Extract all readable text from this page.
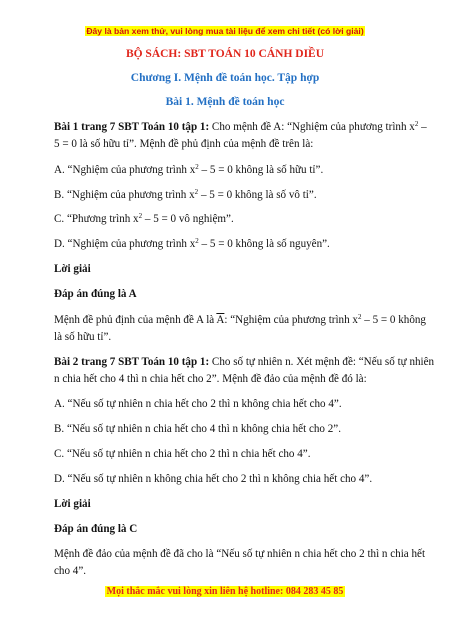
Đây là bản xem thử, vui lòng mua tài liệu để xem chi tiết (có lời giải)
BỘ SÁCH: SBT TOÁN 10 CÁNH DIỀU
Chương I. Mệnh đề toán học. Tập hợp
Bài 1. Mệnh đề toán học
Bài 1 trang 7 SBT Toán 10 tập 1: Cho mệnh đề A: “Nghiệm của phương trình $x^2$ –
5 = 0 là số hữu tỉ”. Mệnh đề phủ định của mệnh đề trên là:
A. “Nghiệm của phương trình $x^2 - 5 = 0$ không là số hữu tỉ”.
B. “Nghiệm của phương trình $x^2 - 5 = 0$ không là số vô tỉ”.
C. “Phương trình $x^2 - 5 = 0$ vô nghiệm”.
D. “Nghiệm của phương trình $x^2 - 5 = 0$ không là số nguyên”.
Lời giải
Đáp án đúng là A
Mệnh đề phủ định của mệnh đề A là $\overline{A}$: “Nghiệm của phương trình $x^2 - 5 = 0$ không
là số hữu tỉ”.
Bài 2 trang 7 SBT Toán 10 tập 1: Cho số tự nhiên n. Xét mệnh đề: “Nếu số tự nhiên
n chia hết cho 4 thì n chia hết cho 2”. Mệnh đề đảo của mệnh đề đó là:
A. “Nếu số tự nhiên n chia hết cho 2 thì n không chia hết cho 4”.
B. “Nếu số tự nhiên n chia hết cho 4 thì n không chia hết cho 2”.
C. “Nếu số tự nhiên n chia hết cho 2 thì n chia hết cho 4”.
D. “Nếu số tự nhiên n không chia hết cho 2 thì n không chia hết cho 4”.
Lời giải
Đáp án đúng là C
Mệnh đề đảo của mệnh đề đã cho là “Nếu số tự nhiên n chia hết cho 2 thì n chia hết
cho 4”.
Mọi thắc mắc vui lòng xin liên hệ hotline: 084 283 45 85
